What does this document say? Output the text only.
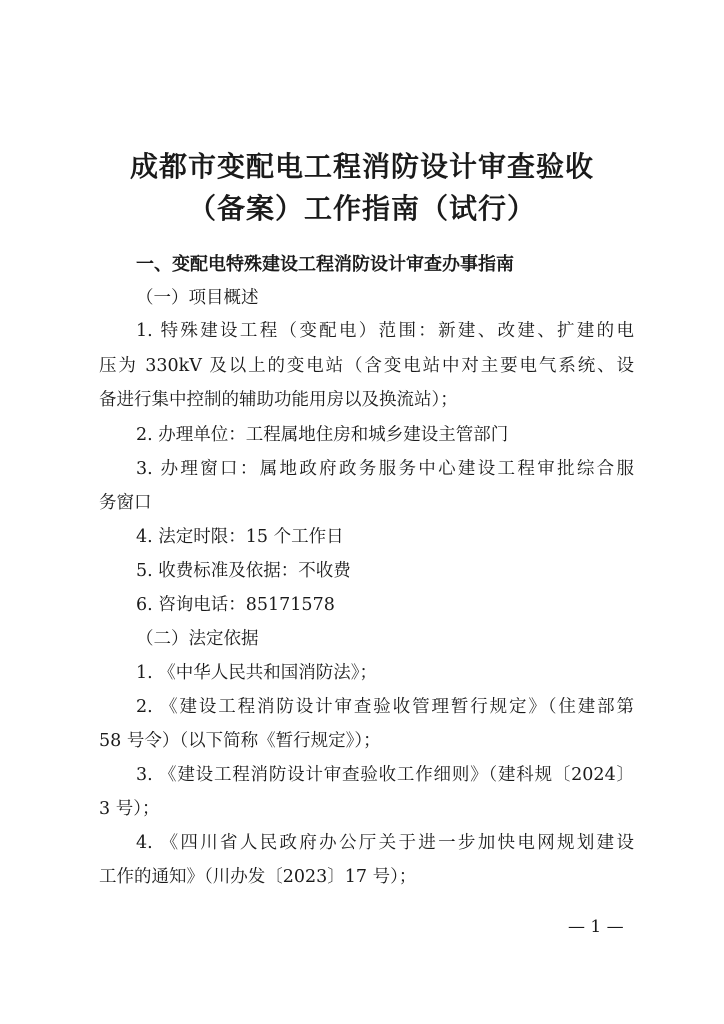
成都市变配电工程消防设计审查验收
（备案）工作指南（试行）

一、变配电特殊建设工程消防设计审查办事指南

（一）项目概述

1. 特殊建设工程（变配电）范围：新建、改建、扩建的电

压为 330kV 及以上的变电站（含变电站中对主要电气系统、设

备进行集中控制的辅助功能用房以及换流站）；

2. 办理单位：工程属地住房和城乡建设主管部门

3. 办理窗口：属地政府政务服务中心建设工程审批综合服

务窗口

4. 法定时限：15 个工作日

5. 收费标准及依据：不收费

6. 咨询电话：85171578

（二）法定依据

1. 《中华人民共和国消防法》；

2. 《建设工程消防设计审查验收管理暂行规定》（住建部第

58 号令）（以下简称《暂行规定》）；

3. 《建设工程消防设计审查验收工作细则》（建科规〔2024〕

3 号）；

4. 《四川省人民政府办公厅关于进一步加快电网规划建设

工作的通知》（川办发〔2023〕17 号）；

— 1 —
